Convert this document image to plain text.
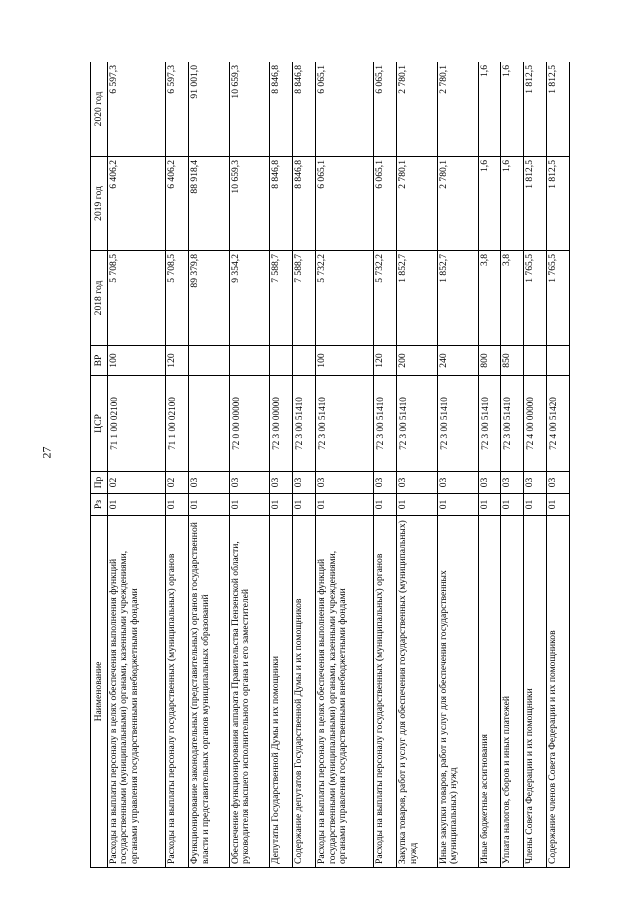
27
Наименование	Рз	Пр	ЦСР	ВР	2018 год	2019 год	2020 год
Расходы на выплаты персоналу в целях обеспечения выполнения функций государственными (муниципальными) органами, казенными учреждениями, органами управления государственными внебюджетными фондами	01	02	71 1 00 02100	100	5 708,5	6 406,2	6 597,3
Расходы на выплаты персоналу государственных (муниципальных) органов	01	02	71 1 00 02100	120	5 708,5	6 406,2	6 597,3
Функционирование законодательных (представительных) органов государственной власти и представительных органов муниципальных образований	01	03			89 379,8	88 918,4	91 001,0
Обеспечение функционирования аппарата Правительства Пензенской области, руководителя высшего исполнительного органа и его заместителей	01	03	72 0 00 00000		9 354,2	10 659,3	10 659,3
Депутаты Государственной Думы и их помощники	01	03	72 3 00 00000		7 588,7	8 846,8	8 846,8
Содержание депутатов Государственной Думы и их помощников	01	03	72 3 00 51410		7 588,7	8 846,8	8 846,8
Расходы на выплаты персоналу в целях обеспечения выполнения функций государственными (муниципальными) органами, казенными учреждениями, органами управления государственными внебюджетными фондами	01	03	72 3 00 51410	100	5 732,2	6 065,1	6 065,1
Расходы на выплаты персоналу государственных (муниципальных) органов	01	03	72 3 00 51410	120	5 732,2	6 065,1	6 065,1
Закупка товаров, работ и услуг для обеспечения государственных (муниципальных) нужд	01	03	72 3 00 51410	200	1 852,7	2 780,1	2 780,1
Иные закупки товаров, работ и услуг для обеспечения государственных (муниципальных) нужд	01	03	72 3 00 51410	240	1 852,7	2 780,1	2 780,1
Иные бюджетные ассигнования	01	03	72 3 00 51410	800	3,8	1,6	1,6
Уплата налогов, сборов и иных платежей	01	03	72 3 00 51410	850	3,8	1,6	1,6
Члены Совета Федерации и их помощники	01	03	72 4 00 00000		1 765,5	1 812,5	1 812,5
Содержание членов Совета Федерации и их помощников	01	03	72 4 00 51420		1 765,5	1 812,5	1 812,5
